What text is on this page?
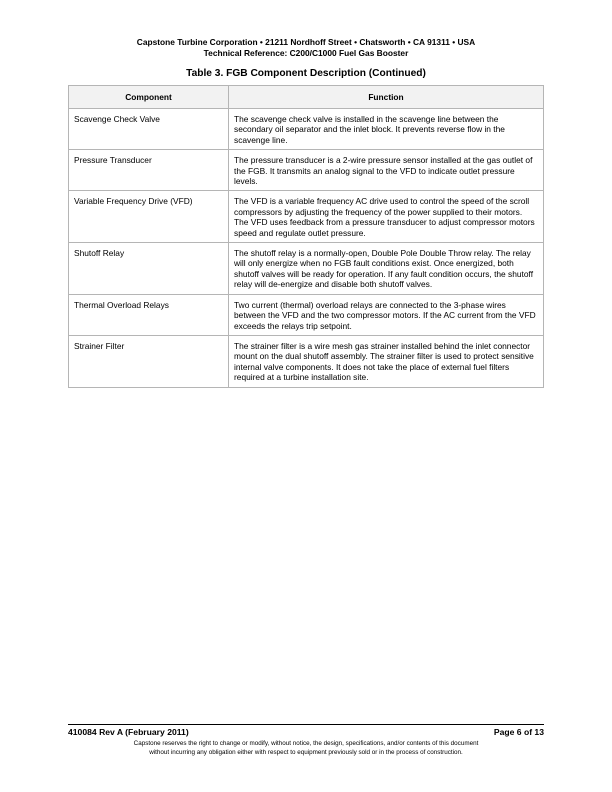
Capstone Turbine Corporation • 21211 Nordhoff Street • Chatsworth • CA 91311 • USA
Technical Reference: C200/C1000 Fuel Gas Booster
Table 3. FGB Component Description (Continued)
Component	Function
Scavenge Check Valve	The scavenge check valve is installed in the scavenge line between the secondary oil separator and the inlet block. It prevents reverse flow in the scavenge line.
Pressure Transducer	The pressure transducer is a 2-wire pressure sensor installed at the gas outlet of the FGB. It transmits an analog signal to the VFD to indicate outlet pressure levels.
Variable Frequency Drive (VFD)	The VFD is a variable frequency AC drive used to control the speed of the scroll compressors by adjusting the frequency of the power supplied to their motors. The VFD uses feedback from a pressure transducer to adjust compressor motors speed and regulate outlet pressure.
Shutoff Relay	The shutoff relay is a normally-open, Double Pole Double Throw relay. The relay will only energize when no FGB fault conditions exist. Once energized, both shutoff valves will be ready for operation. If any fault condition occurs, the shutoff relay will de-energize and disable both shutoff valves.
Thermal Overload Relays	Two current (thermal) overload relays are connected to the 3-phase wires between the VFD and the two compressor motors. If the AC current from the VFD exceeds the relays trip setpoint.
Strainer Filter	The strainer filter is a wire mesh gas strainer installed behind the inlet connector mount on the dual shutoff assembly. The strainer filter is used to protect sensitive internal valve components. It does not take the place of external fuel filters required at a turbine installation site.
410084 Rev A (February 2011)	Page 6 of 13
Capstone reserves the right to change or modify, without notice, the design, specifications, and/or contents of this document
without incurring any obligation either with respect to equipment previously sold or in the process of construction.
